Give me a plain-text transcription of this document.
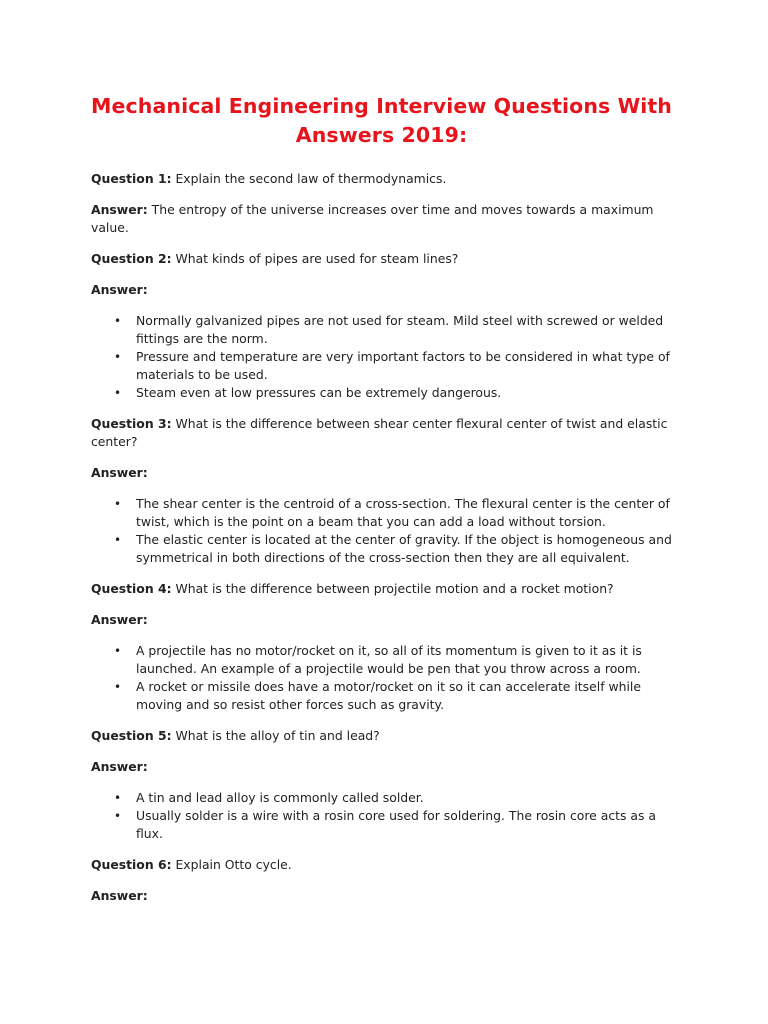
Mechanical Engineering Interview Questions With Answers 2019:

Question 1: Explain the second law of thermodynamics.

Answer: The entropy of the universe increases over time and moves towards a maximum value.

Question 2: What kinds of pipes are used for steam lines?

Answer:

• Normally galvanized pipes are not used for steam. Mild steel with screwed or welded fittings are the norm.
• Pressure and temperature are very important factors to be considered in what type of materials to be used.
• Steam even at low pressures can be extremely dangerous.

Question 3: What is the difference between shear center flexural center of twist and elastic center?

Answer:

• The shear center is the centroid of a cross-section. The flexural center is the center of twist, which is the point on a beam that you can add a load without torsion.
• The elastic center is located at the center of gravity. If the object is homogeneous and symmetrical in both directions of the cross-section then they are all equivalent.

Question 4: What is the difference between projectile motion and a rocket motion?

Answer:

• A projectile has no motor/rocket on it, so all of its momentum is given to it as it is launched. An example of a projectile would be pen that you throw across a room.
• A rocket or missile does have a motor/rocket on it so it can accelerate itself while moving and so resist other forces such as gravity.

Question 5: What is the alloy of tin and lead?

Answer:

• A tin and lead alloy is commonly called solder.
• Usually solder is a wire with a rosin core used for soldering. The rosin core acts as a flux.

Question 6: Explain Otto cycle.

Answer:
